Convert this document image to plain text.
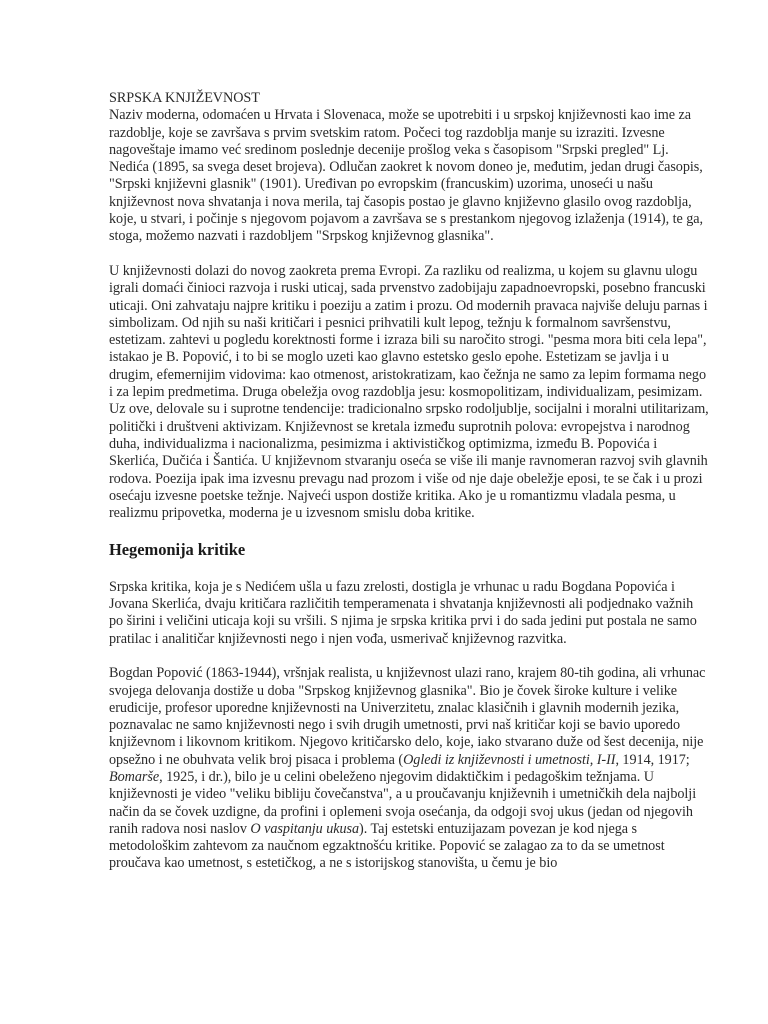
SRPSKA KNJIŽEVNOST
Naziv moderna, odomaćen u Hrvata i Slovenaca, može se upotrebiti i u srpskoj književnosti kao ime za razdoblje, koje se završava s prvim svetskim ratom. Počeci tog razdoblja manje su izraziti. Izvesne nagoveštaje imamo već sredinom poslednje decenije prošlog veka s časopisom "Srpski pregled" Lj. Nedića (1895, sa svega deset brojeva). Odlučan zaokret k novom doneo je, međutim, jedan drugi časopis, "Srpski književni glasnik" (1901). Uređivan po evropskim (francuskim) uzorima, unoseći u našu književnost nova shvatanja i nova merila, taj časopis postao je glavno književno glasilo ovog razdoblja, koje, u stvari, i počinje s njegovom pojavom a završava se s prestankom njegovog izlaženja (1914), te ga, stoga, možemo nazvati i razdobljem "Srpskog književnog glasnika".

U književnosti dolazi do novog zaokreta prema Evropi. Za razliku od realizma, u kojem su glavnu ulogu igrali domaći činioci razvoja i ruski uticaj, sada prvenstvo zadobijaju zapadnoevropski, posebno francuski uticaji. Oni zahvataju najpre kritiku i poeziju a zatim i prozu. Od modernih pravaca najviše deluju parnas i simbolizam. Od njih su naši kritičari i pesnici prihvatili kult lepog, težnju k formalnom savršenstvu, estetizam. zahtevi u pogledu korektnosti forme i izraza bili su naročito strogi. "pesma mora biti cela lepa", istakao je B. Popović, i to bi se moglo uzeti kao glavno estetsko geslo epohe. Estetizam se javlja i u drugim, efemernijim vidovima: kao otmenost, aristokratizam, kao čežnja ne samo za lepim formama nego i za lepim predmetima. Druga obeležja ovog razdoblja jesu: kosmopolitizam, individualizam, pesimizam. Uz ove, delovale su i suprotne tendencije: tradicionalno srpsko rodoljublje, socijalni i moralni utilitarizam, politički i društveni aktivizam. Književnost se kretala između suprotnih polova: evropejstva i narodnog duha, individualizma i nacionalizma, pesimizma i aktivističkog optimizma, između B. Popovića i Skerlića, Dučića i Šantića. U književnom stvaranju oseća se više ili manje ravnomeran razvoj svih glavnih rodova. Poezija ipak ima izvesnu prevagu nad prozom i više od nje daje obeležje eposi, te se čak i u prozi osećaju izvesne poetske težnje. Najveći uspon dostiže kritika. Ako je u romantizmu vladala pesma, u realizmu pripovetka, moderna je u izvesnom smislu doba kritike.

Hegemonija kritike

Srpska kritika, koja je s Nedićem ušla u fazu zrelosti, dostigla je vrhunac u radu Bogdana Popovića i Jovana Skerlića, dvaju kritičara različitih temperamenata i shvatanja književnosti ali podjednako važnih po širini i veličini uticaja koji su vršili. S njima je srpska kritika prvi i do sada jedini put postala ne samo pratilac i analitičar književnosti nego i njen vođa, usmerivač književnog razvitka.

Bogdan Popović (1863-1944), vršnjak realista, u književnost ulazi rano, krajem 80-tih godina, ali vrhunac svojega delovanja dostiže u doba "Srpskog književnog glasnika". Bio je čovek široke kulture i velike erudicije, profesor uporedne književnosti na Univerzitetu, znalac klasičnih i glavnih modernih jezika, poznavalac ne samo književnosti nego i svih drugih umetnosti, prvi naš kritičar koji se bavio uporedo književnom i likovnom kritikom. Njegovo kritičarsko delo, koje, iako stvarano duže od šest decenija, nije opsežno i ne obuhvata velik broj pisaca i problema (Ogledi iz književnosti i umetnosti, I-II, 1914, 1917; Bomarše, 1925, i dr.), bilo je u celini obeleženo njegovim didaktičkim i pedagoškim težnjama. U književnosti je video "veliku bibliju čovečanstva", a u proučavanju književnih i umetničkih dela najbolji način da se čovek uzdigne, da profini i oplemeni svoja osećanja, da odgoji svoj ukus (jedan od njegovih ranih radova nosi naslov O vaspitanju ukusa). Taj estetski entuzijazam povezan je kod njega s metodološkim zahtevom za naučnom egzaktnošću kritike. Popović se zalagao za to da se umetnost proučava kao umetnost, s estetičkog, a ne s istorijskog stanovišta, u čemu je bio
